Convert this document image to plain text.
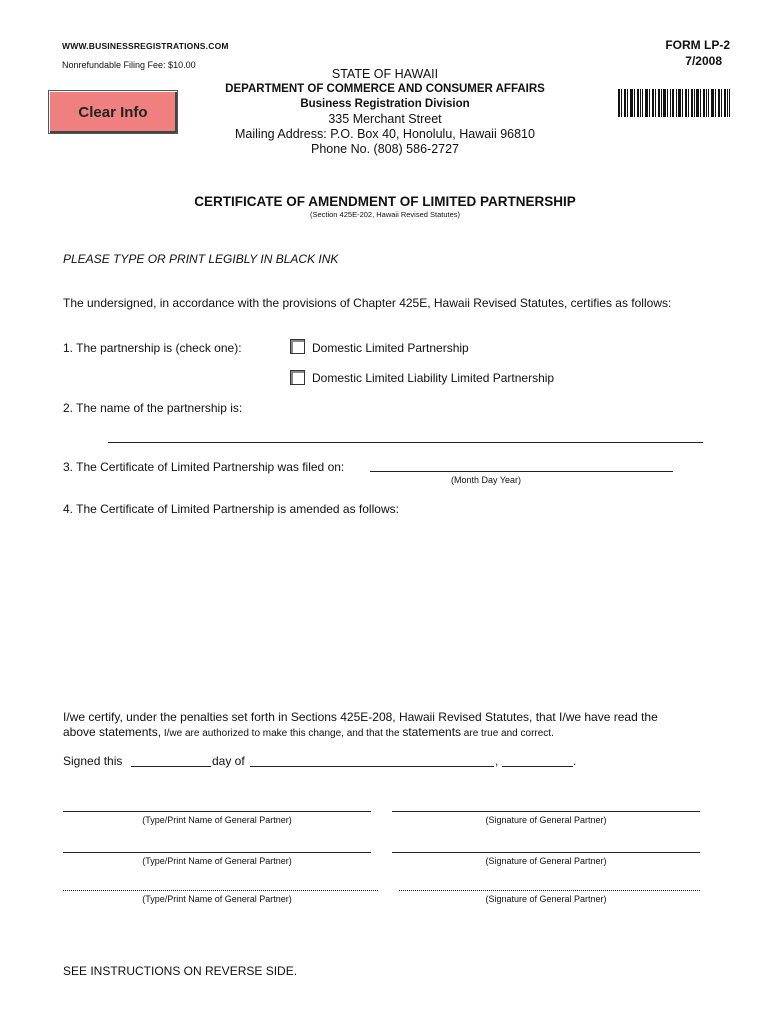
WWW.BUSINESSREGISTRATIONS.COM
Nonrefundable Filing Fee: $10.00
FORM LP-2
7/2008
Clear Info
STATE OF HAWAII
DEPARTMENT OF COMMERCE AND CONSUMER AFFAIRS
Business Registration Division
335 Merchant Street
Mailing Address: P.O. Box 40, Honolulu, Hawaii 96810
Phone No. (808) 586-2727
CERTIFICATE OF AMENDMENT OF LIMITED PARTNERSHIP
(Section 425E-202, Hawaii Revised Statutes)
PLEASE TYPE OR PRINT LEGIBLY IN BLACK INK
The undersigned, in accordance with the provisions of Chapter 425E, Hawaii Revised Statutes, certifies as follows:
1. The partnership is (check one):	Domestic Limited Partnership
Domestic Limited Liability Limited Partnership
2. The name of the partnership is:
3. The Certificate of Limited Partnership was filed on:
(Month Day Year)
4. The Certificate of Limited Partnership is amended as follows:
I/we certify, under the penalties set forth in Sections 425E-208, Hawaii Revised Statutes, that I/we have read the
above statements, I/we are authorized to make this change, and that the statements are true and correct.
Signed this	day of	,	.
(Type/Print Name of General Partner)	(Signature of General Partner)
(Type/Print Name of General Partner)	(Signature of General Partner)
(Type/Print Name of General Partner)	(Signature of General Partner)
SEE INSTRUCTIONS ON REVERSE SIDE.
